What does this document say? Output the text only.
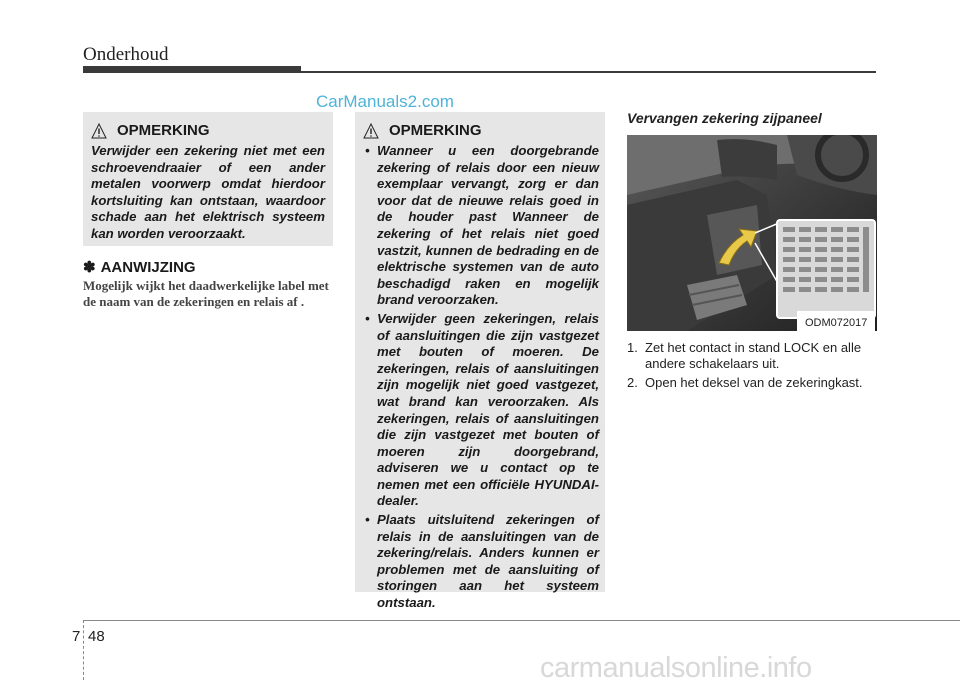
Onderhoud
CarManuals2.com
OPMERKING
Verwijder een zekering niet met een schroevendraaier of een ander metalen voorwerp omdat hierdoor kortsluiting kan ontstaan, waardoor schade aan het elektrisch systeem kan worden veroorzaakt.
OPMERKING
• Wanneer u een doorgebrande zekering of relais door een nieuw exemplaar vervangt, zorg er dan voor dat de nieuwe relais goed in de houder past Wanneer de zekering of het relais niet goed vastzit, kunnen de bedrading en de elektrische systemen van de auto beschadigd raken en mogelijk brand veroorzaken.
• Verwijder geen zekeringen, relais of aansluitingen die zijn vastgezet met bouten of moeren. De zekeringen, relais of aansluitingen zijn mogelijk niet goed vastgezet, wat brand kan veroorzaken. Als zekeringen, relais of aansluitingen die zijn vastgezet met bouten of moeren zijn doorgebrand, adviseren we u contact op te nemen met een officiële HYUNDAI-dealer.
• Plaats uitsluitend zekeringen of relais in de aansluitingen van de zekering/relais. Anders kunnen er problemen met de aansluiting of storingen aan het systeem ontstaan.
✽ AANWIJZING
Mogelijk wijkt het daadwerkelijke label met de naam van de zekeringen en relais af .
Vervangen zekering zijpaneel
ODM072017
1. Zet het contact in stand LOCK en alle andere schakelaars uit.
2. Open het deksel van de zekeringkast.
7 48
carmanualsonline.info
